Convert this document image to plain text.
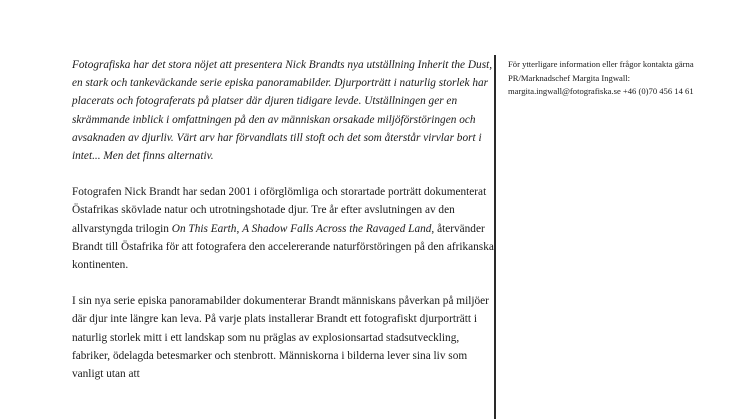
Fotografiska har det stora nöjet att presentera Nick Brandts nya utställning Inherit the Dust, en stark och tankeväckande serie episka panoramabilder. Djurporträtt i naturlig storlek har placerats och fotograferats på platser där djuren tidigare levde. Utställningen ger en skrämmande inblick i omfattningen på den av människan orsakade miljöförstöringen och avsaknaden av djurliv. Värt arv har förvandlats till stoft och det som återstår virvlar bort i intet... Men det finns alternativ.

Fotografen Nick Brandt har sedan 2001 i oförglömliga och storartade porträtt dokumenterat Östafrikas skövlade natur och utrotningshotade djur. Tre år efter avslutningen av den allvarstyngda trilogin On This Earth, A Shadow Falls Across the Ravaged Land, återvänder Brandt till Östafrika för att fotografera den accelererande naturförstöringen på den afrikanska kontinenten.

I sin nya serie episka panoramabilder dokumenterar Brandt människans påverkan på miljöer där djur inte längre kan leva. På varje plats installerar Brandt ett fotografiskt djurporträtt i naturlig storlek mitt i ett landskap som nu präglas av explosionsartad stadsutveckling, fabriker, ödelagda betesmarker och stenbrott. Människorna i bilderna lever sina liv som vanligt utan att

För ytterligare information eller frågor kontakta gärna PR/Marknadschef Margita Ingwall: margita.ingwall@fotografiska.se +46 (0)70 456 14 61
